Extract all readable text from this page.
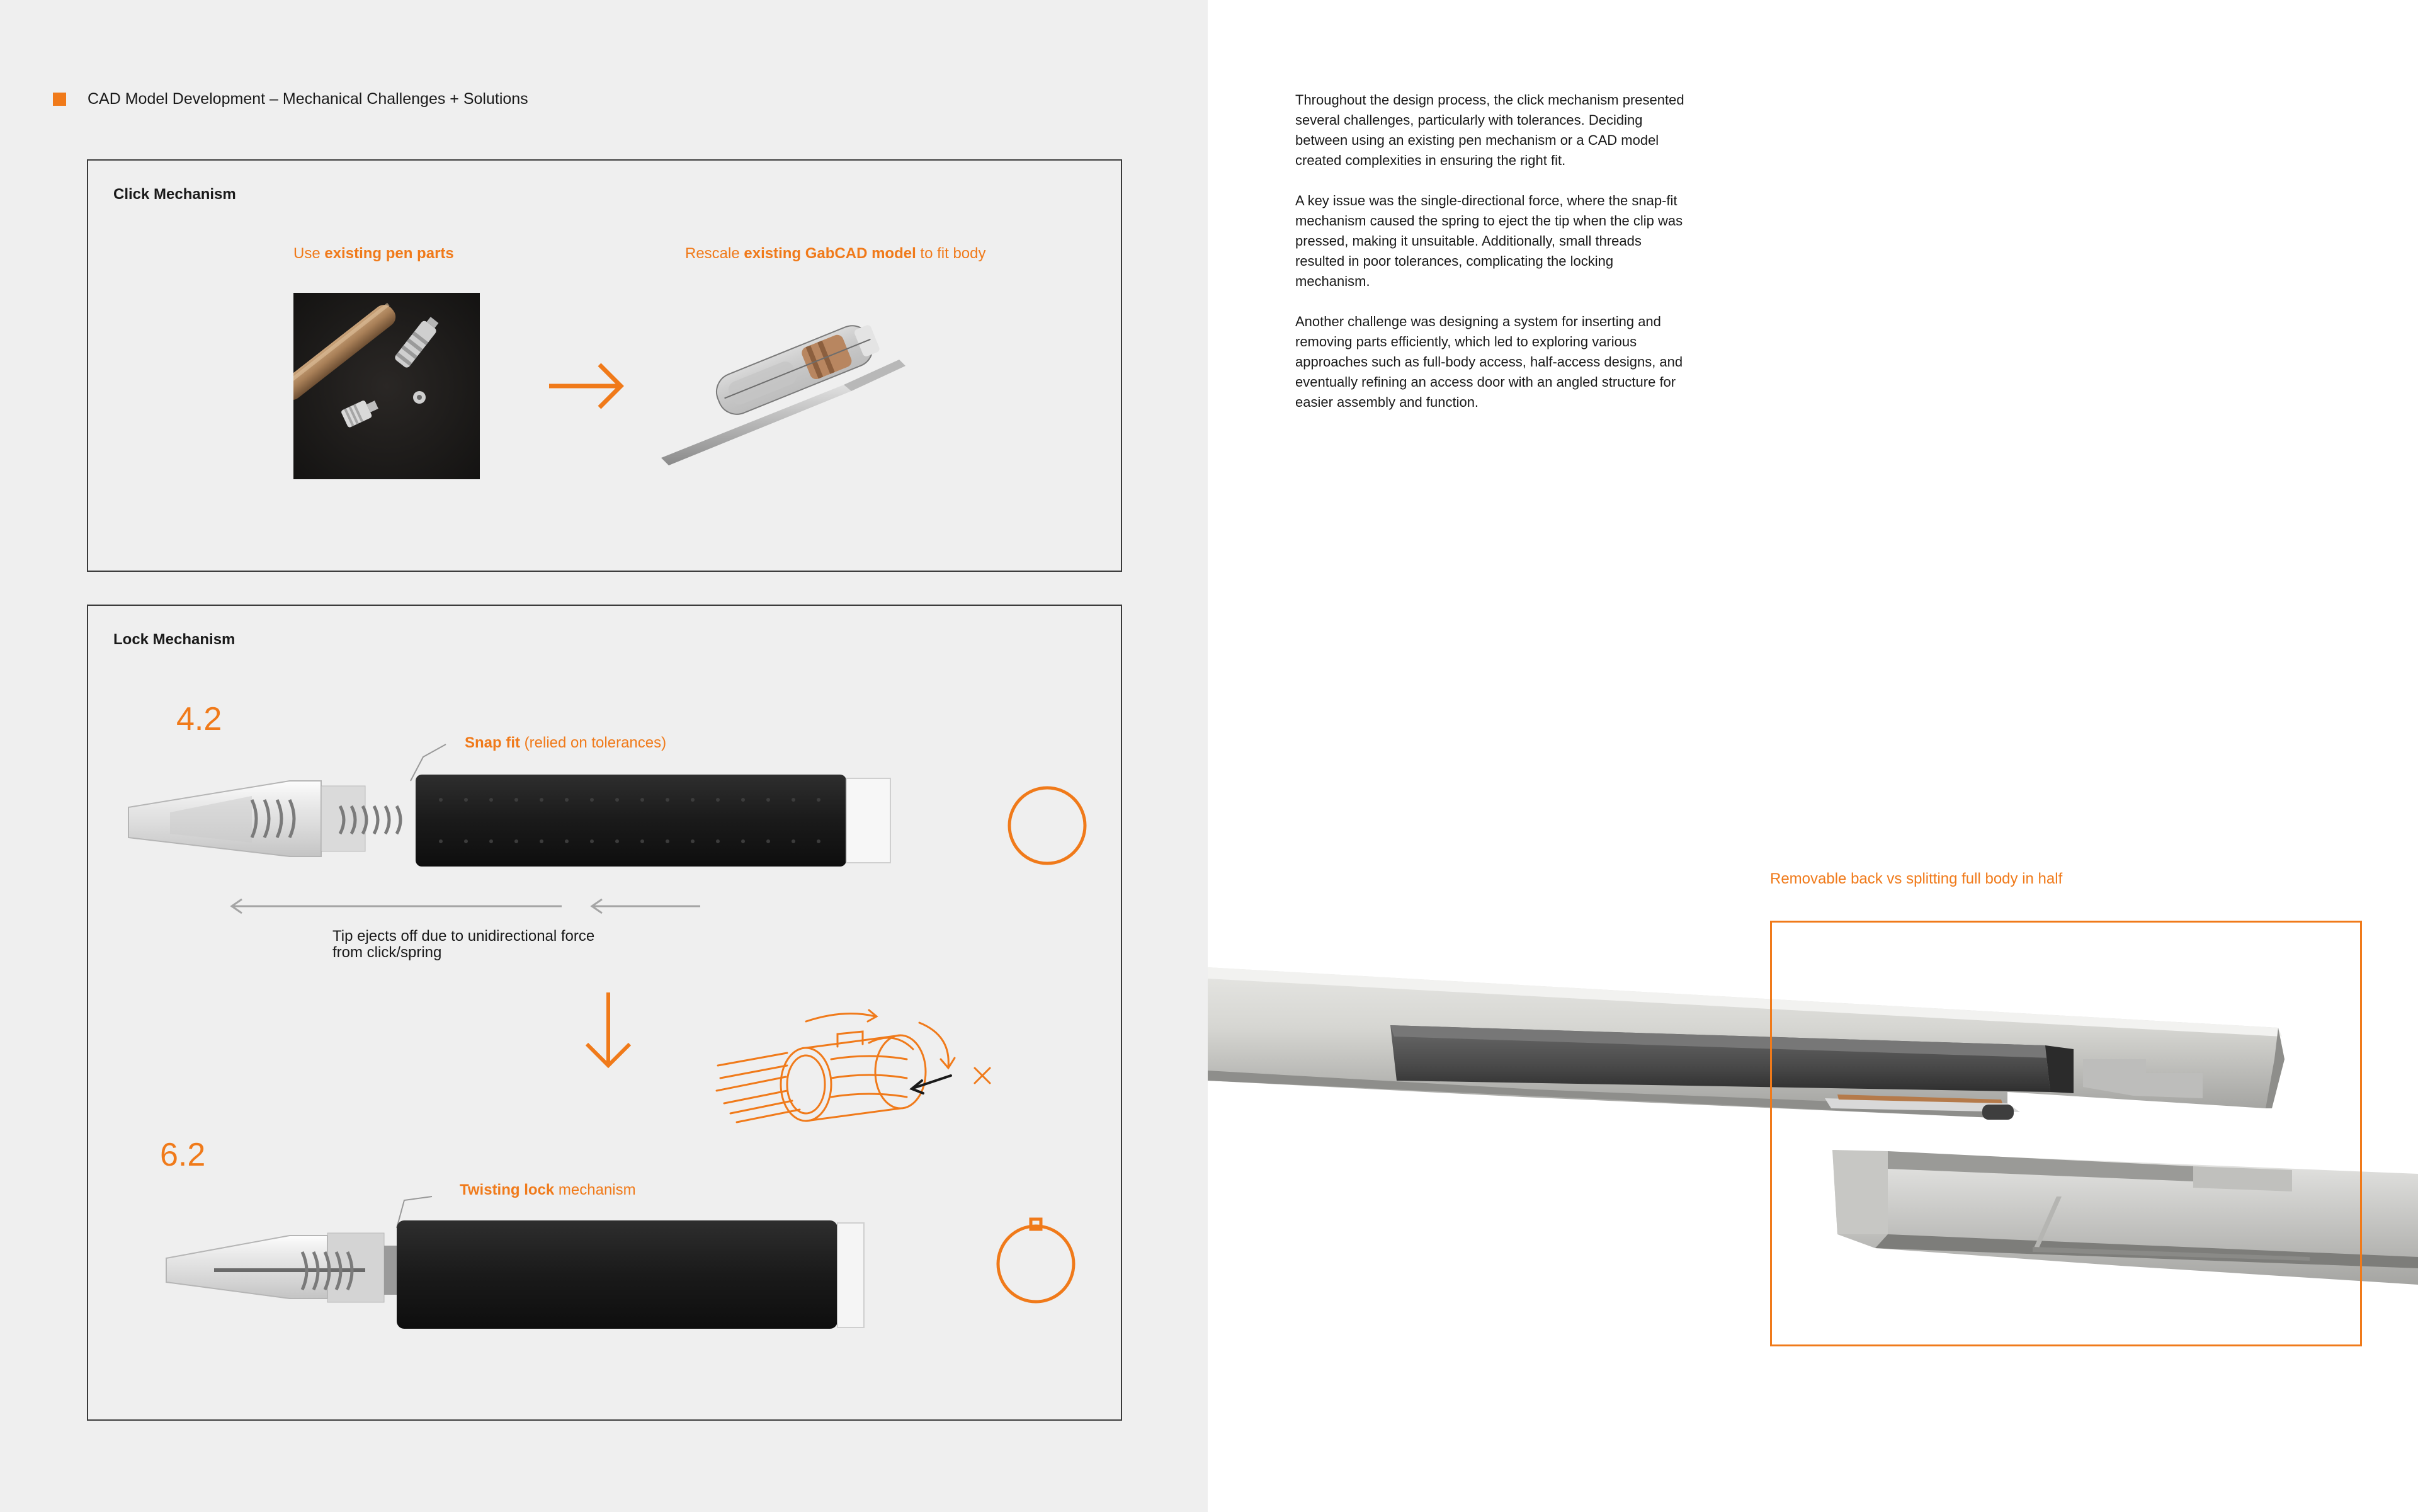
CAD Model Development – Mechanical Challenges + Solutions
Click Mechanism
Use existing pen parts	Rescale existing GabCAD model to fit body
Lock Mechanism
4.2
Snap fit (relied on tolerances)
Tip ejects off due to unidirectional force from click/spring
6.2
Twisting lock mechanism

Throughout the design process, the click mechanism presented several challenges, particularly with tolerances. Deciding between using an existing pen mechanism or a CAD model created complexities in ensuring the right fit.

A key issue was the single-directional force, where the snap-fit mechanism caused the spring to eject the tip when the clip was pressed, making it unsuitable. Additionally, small threads resulted in poor tolerances, complicating the locking mechanism.

Another challenge was designing a system for inserting and removing parts efficiently, which led to exploring various approaches such as full-body access, half-access designs, and eventually refining an access door with an angled structure for easier assembly and function.

Removable back vs splitting full body in half
